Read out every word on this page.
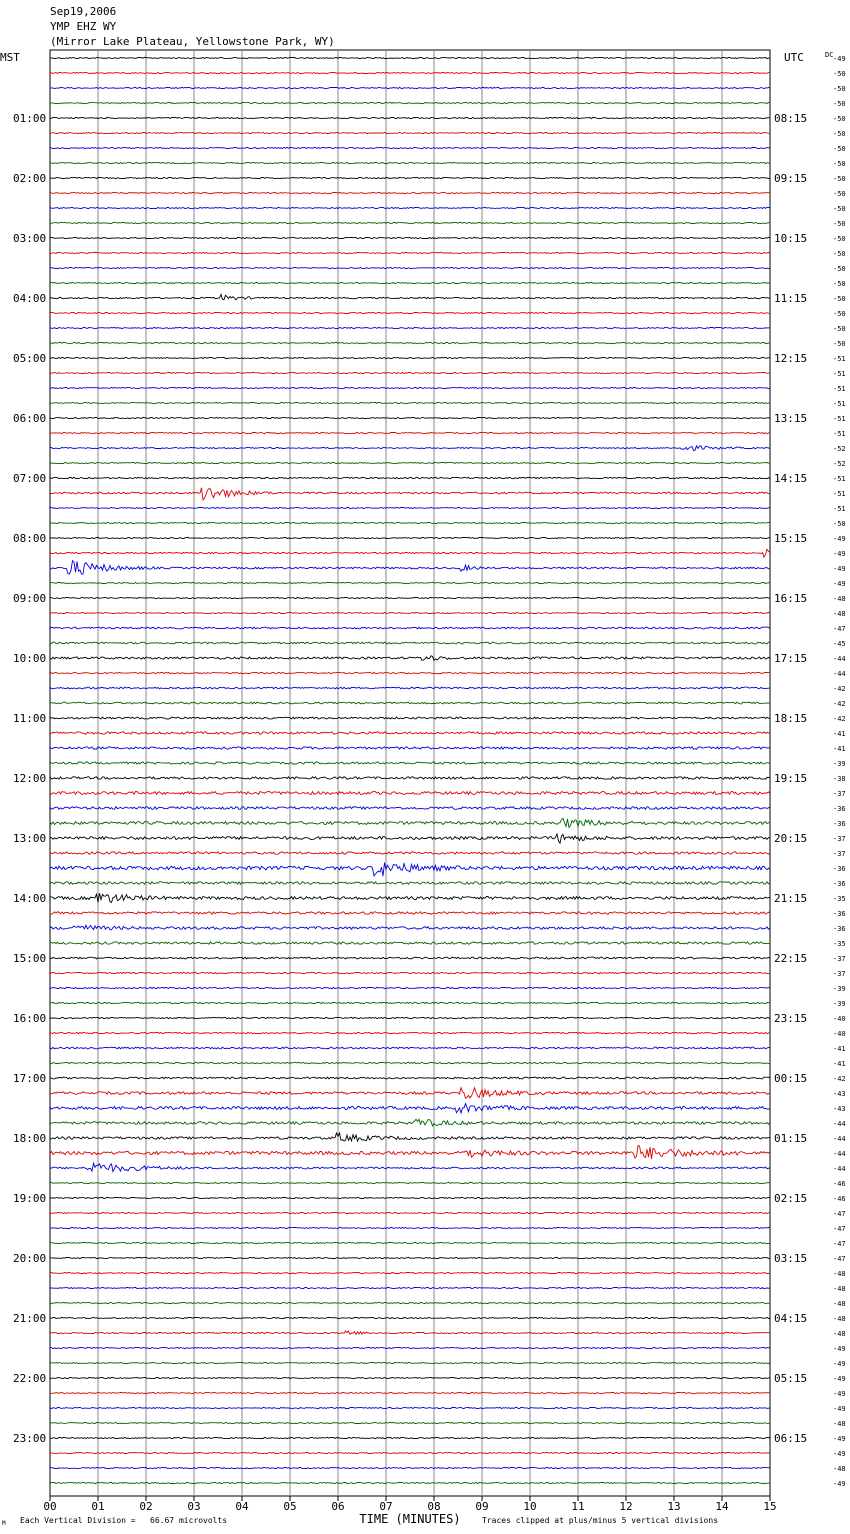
Sep19,2006
YMP EHZ WY
(Mirror Lake Plateau, Yellowstone Park, WY)
00	01	02	03	04	05	06	07	08	09	10	11	12	13	14	15
-49
-50
-50
-50
-50
01:00	08:15
-50
-50
-50
-50
02:00	09:15
-50
-50
-50
-50
03:00	10:15
-50
-50
-50
-50
04:00	11:15
-50
-50
-50
-51
05:00	12:15
-51
-51
-51
-51
06:00	13:15
-51
-52
-52
-51
07:00	14:15
-51
-51
-50
-49
08:00	15:15
-49
-49
-49
-48
09:00	16:15
-48
-47
-45
-44
10:00	17:15
-44
-42
-42
-42
11:00	18:15
-41
-41
-39
-38
12:00	19:15
-37
-36
-36
-37
13:00	20:15
-37
-36
-36
-35
14:00	21:15
-36
-36
-35
-37
15:00	22:15
-37
-39
-39
-40
16:00	23:15
-40
-41
-41
-42
17:00	00:15
-43
-43
-44
-44
18:00	01:15
-44
-44
-46
-46
19:00	02:15
-47
-47
-47
-47
20:00	03:15
-48
-48
-48
-48
21:00	04:15
-48
-49
-49
-49
22:00	05:15
-49
-49
-48
-49
23:00	06:15
-49
-48
-49
MST	UTC	DC
TIME (MINUTES)
M Each Vertical Division =   66.67 microvolts	Traces clipped at plus/minus 5 vertical divisions
